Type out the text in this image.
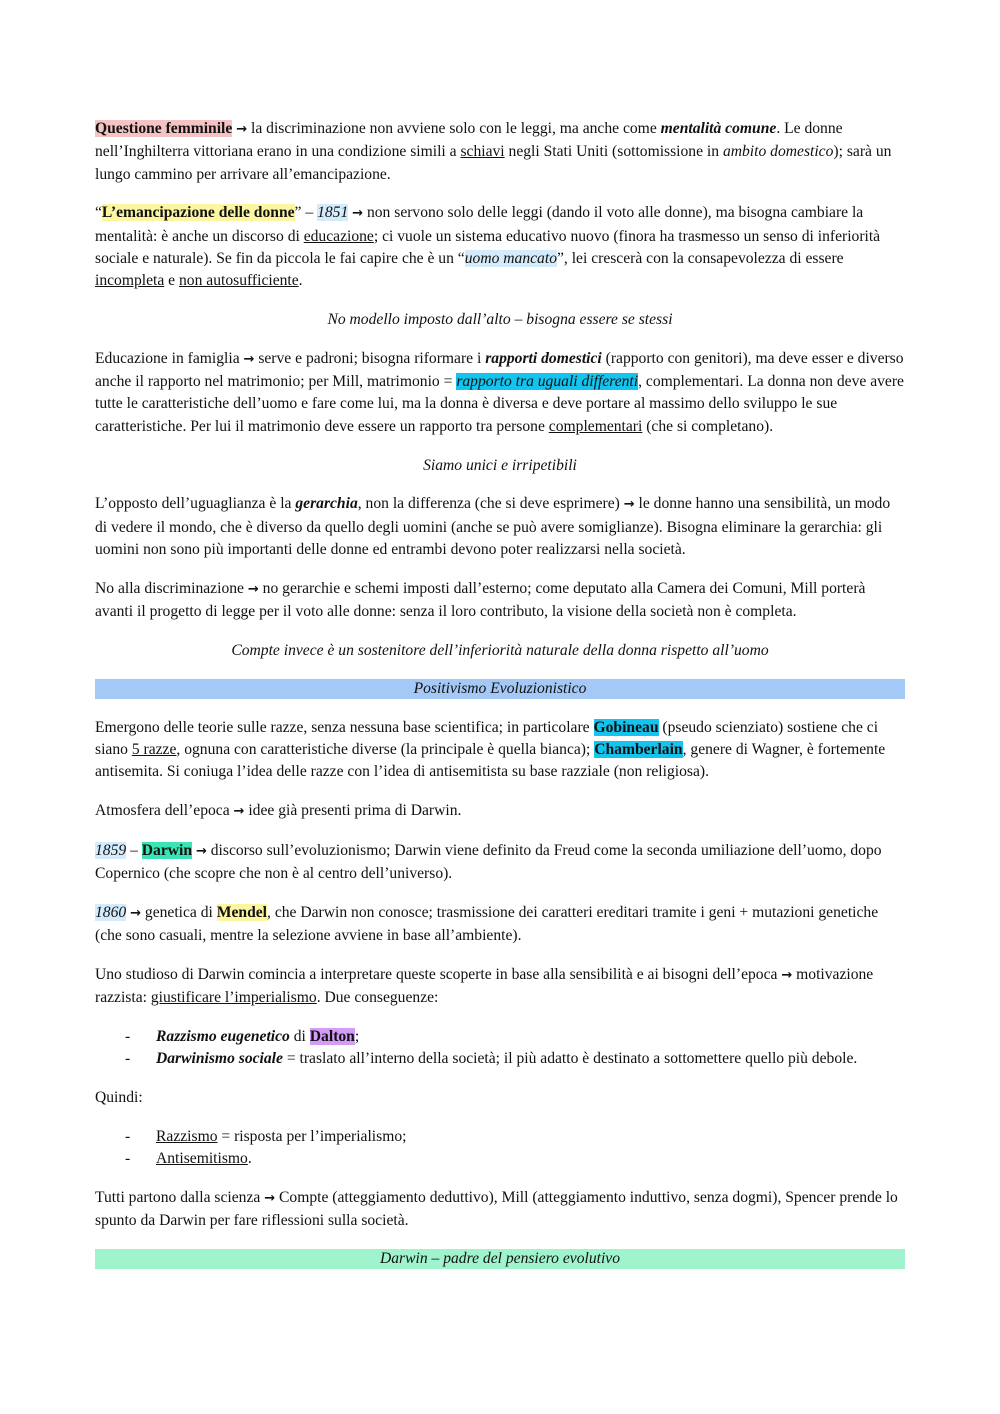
Questione femminile → la discriminazione non avviene solo con le leggi, ma anche come mentalità comune. Le donne nell’Inghilterra vittoriana erano in una condizione simili a schiavi negli Stati Uniti (sottomissione in ambito domestico); sarà un lungo cammino per arrivare all’emancipazione.

“L’emancipazione delle donne” – 1851 → non servono solo delle leggi (dando il voto alle donne), ma bisogna cambiare la mentalità: è anche un discorso di educazione; ci vuole un sistema educativo nuovo (finora ha trasmesso un senso di inferiorità sociale e naturale). Se fin da piccola le fai capire che è un “uomo mancato”, lei crescerà con la consapevolezza di essere incompleta e non autosufficiente.

No modello imposto dall’alto – bisogna essere se stessi

Educazione in famiglia → serve e padroni; bisogna riformare i rapporti domestici (rapporto con genitori), ma deve esser e diverso anche il rapporto nel matrimonio; per Mill, matrimonio = rapporto tra uguali differenti, complementari. La donna non deve avere tutte le caratteristiche dell’uomo e fare come lui, ma la donna è diversa e deve portare al massimo dello sviluppo le sue caratteristiche. Per lui il matrimonio deve essere un rapporto tra persone complementari (che si completano).

Siamo unici e irripetibili

L’opposto dell’uguaglianza è la gerarchia, non la differenza (che si deve esprimere) → le donne hanno una sensibilità, un modo di vedere il mondo, che è diverso da quello degli uomini (anche se può avere somiglianze). Bisogna eliminare la gerarchia: gli uomini non sono più importanti delle donne ed entrambi devono poter realizzarsi nella società.

No alla discriminazione → no gerarchie e schemi imposti dall’esterno; come deputato alla Camera dei Comuni, Mill porterà avanti il progetto di legge per il voto alle donne: senza il loro contributo, la visione della società non è completa.

Compte invece è un sostenitore dell’inferiorità naturale della donna rispetto all’uomo

Positivismo Evoluzionistico

Emergono delle teorie sulle razze, senza nessuna base scientifica; in particolare Gobineau (pseudo scienziato) sostiene che ci siano 5 razze, ognuna con caratteristiche diverse (la principale è quella bianca); Chamberlain, genere di Wagner, è fortemente antisemita. Si coniuga l’idea delle razze con l’idea di antisemitista su base razziale (non religiosa).

Atmosfera dell’epoca → idee già presenti prima di Darwin.

1859 – Darwin → discorso sull’evoluzionismo; Darwin viene definito da Freud come la seconda umiliazione dell’uomo, dopo Copernico (che scopre che non è al centro dell’universo).

1860 → genetica di Mendel, che Darwin non conosce; trasmissione dei caratteri ereditari tramite i geni + mutazioni genetiche (che sono casuali, mentre la selezione avviene in base all’ambiente).

Uno studioso di Darwin comincia a interpretare queste scoperte in base alla sensibilità e ai bisogni dell’epoca → motivazione razzista: giustificare l’imperialismo. Due conseguenze:

- Razzismo eugenetico di Dalton;
- Darwinismo sociale = traslato all’interno della società; il più adatto è destinato a sottomettere quello più debole.

Quindi:

- Razzismo = risposta per l’imperialismo;
- Antisemitismo.

Tutti partono dalla scienza → Compte (atteggiamento deduttivo), Mill (atteggiamento induttivo, senza dogmi), Spencer prende lo spunto da Darwin per fare riflessioni sulla società.

Darwin – padre del pensiero evolutivo
